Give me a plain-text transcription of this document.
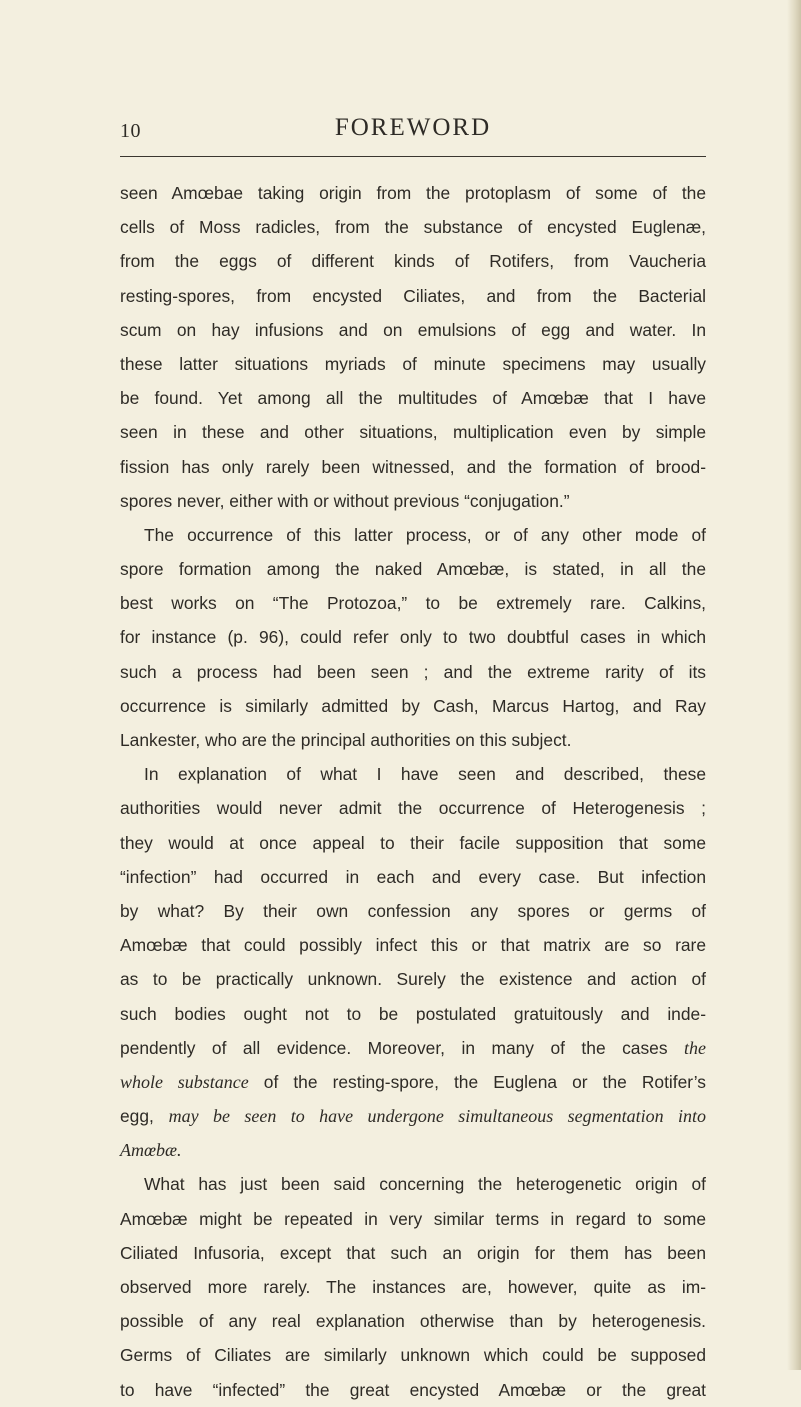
10	FOREWORD
seen Amœbae taking origin from the protoplasm of some of the
cells of Moss radicles, from the substance of encysted Euglenæ,
from the eggs of different kinds of Rotifers, from Vaucheria
resting-spores, from encysted Ciliates, and from the Bacterial
scum on hay infusions and on emulsions of egg and water. In
these latter situations myriads of minute specimens may usually
be found. Yet among all the multitudes of Amœbæ that I have
seen in these and other situations, multiplication even by simple
fission has only rarely been witnessed, and the formation of brood-
spores never, either with or without previous “conjugation.”
The occurrence of this latter process, or of any other mode of
spore formation among the naked Amœbæ, is stated, in all the
best works on “The Protozoa,” to be extremely rare. Calkins,
for instance (p. 96), could refer only to two doubtful cases in which
such a process had been seen ; and the extreme rarity of its
occurrence is similarly admitted by Cash, Marcus Hartog, and Ray
Lankester, who are the principal authorities on this subject.
In explanation of what I have seen and described, these
authorities would never admit the occurrence of Heterogenesis ;
they would at once appeal to their facile supposition that some
“infection” had occurred in each and every case. But infection
by what? By their own confession any spores or germs of
Amœbæ that could possibly infect this or that matrix are so rare
as to be practically unknown. Surely the existence and action of
such bodies ought not to be postulated gratuitously and inde-
pendently of all evidence. Moreover, in many of the cases the
whole substance of the resting-spore, the Euglena or the Rotifer’s
egg, may be seen to have undergone simultaneous segmentation into
Amœbæ.
What has just been said concerning the heterogenetic origin of
Amœbæ might be repeated in very similar terms in regard to some
Ciliated Infusoria, except that such an origin for them has been
observed more rarely. The instances are, however, quite as im-
possible of any real explanation otherwise than by heterogenesis.
Germs of Ciliates are similarly unknown which could be supposed
to have “infected” the great encysted Amœbæ or the great
